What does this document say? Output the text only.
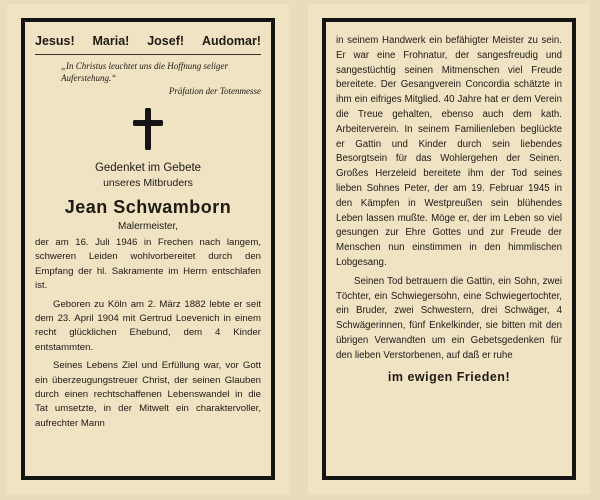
Jesus! Maria! Josef! Audomar!
„In Christus leuchtet uns die Hoffnung seliger Auferstehung.“
Präfation der Totenmesse
Gedenket im Gebete
unseres Mitbruders
Jean Schwamborn
Malermeister,

der am 16. Juli 1946 in Frechen nach langem, schweren Leiden wohlvorbereitet durch den Empfang der hl. Sakramente im Herrn entschlafen ist.

Geboren zu Köln am 2. März 1882 lebte er seit dem 23. April 1904 mit Gertrud Loevenich in einem recht glücklichen Ehebund, dem 4 Kinder entstammten.

Seines Lebens Ziel und Erfüllung war, vor Gott ein überzeugungstreuer Christ, der seinen Glauben durch einen rechtschaffenen Lebenswandel in die Tat umsetzte, in der Mitwelt ein charaktervoller, aufrechter Mann

in seinem Handwerk ein befähigter Meister zu sein. Er war eine Frohnatur, der sangesfreudig und sangestüchtig seinen Mitmenschen viel Freude bereitete. Der Gesangverein Concordia schätzte in ihm ein eifriges Mitglied. 40 Jahre hat er dem Verein die Treue gehalten, ebenso auch dem kath. Arbeiterverein. In seinem Familienleben beglückte er Gattin und Kinder durch sein liebendes Besorgtsein für das Wohlergehen der Seinen. Großes Herzeleid bereitete ihm der Tod seines lieben Sohnes Peter, der am 19. Februar 1945 in den Kämpfen in Westpreußen sein blühendes Leben lassen mußte. Möge er, der im Leben so viel gesungen zur Ehre Gottes und zur Freude der Menschen nun einstimmen in den himmlischen Lobgesang.

Seinen Tod betrauern die Gattin, ein Sohn, zwei Töchter, ein Schwiegersohn, eine Schwiegertochter, ein Bruder, zwei Schwestern, drei Schwäger, 4 Schwägerinnen, fünf Enkelkinder, sie bitten mit den übrigen Verwandten um ein Gebetsgedenken für den lieben Verstorbenen, auf daß er ruhe

im ewigen Frieden!
